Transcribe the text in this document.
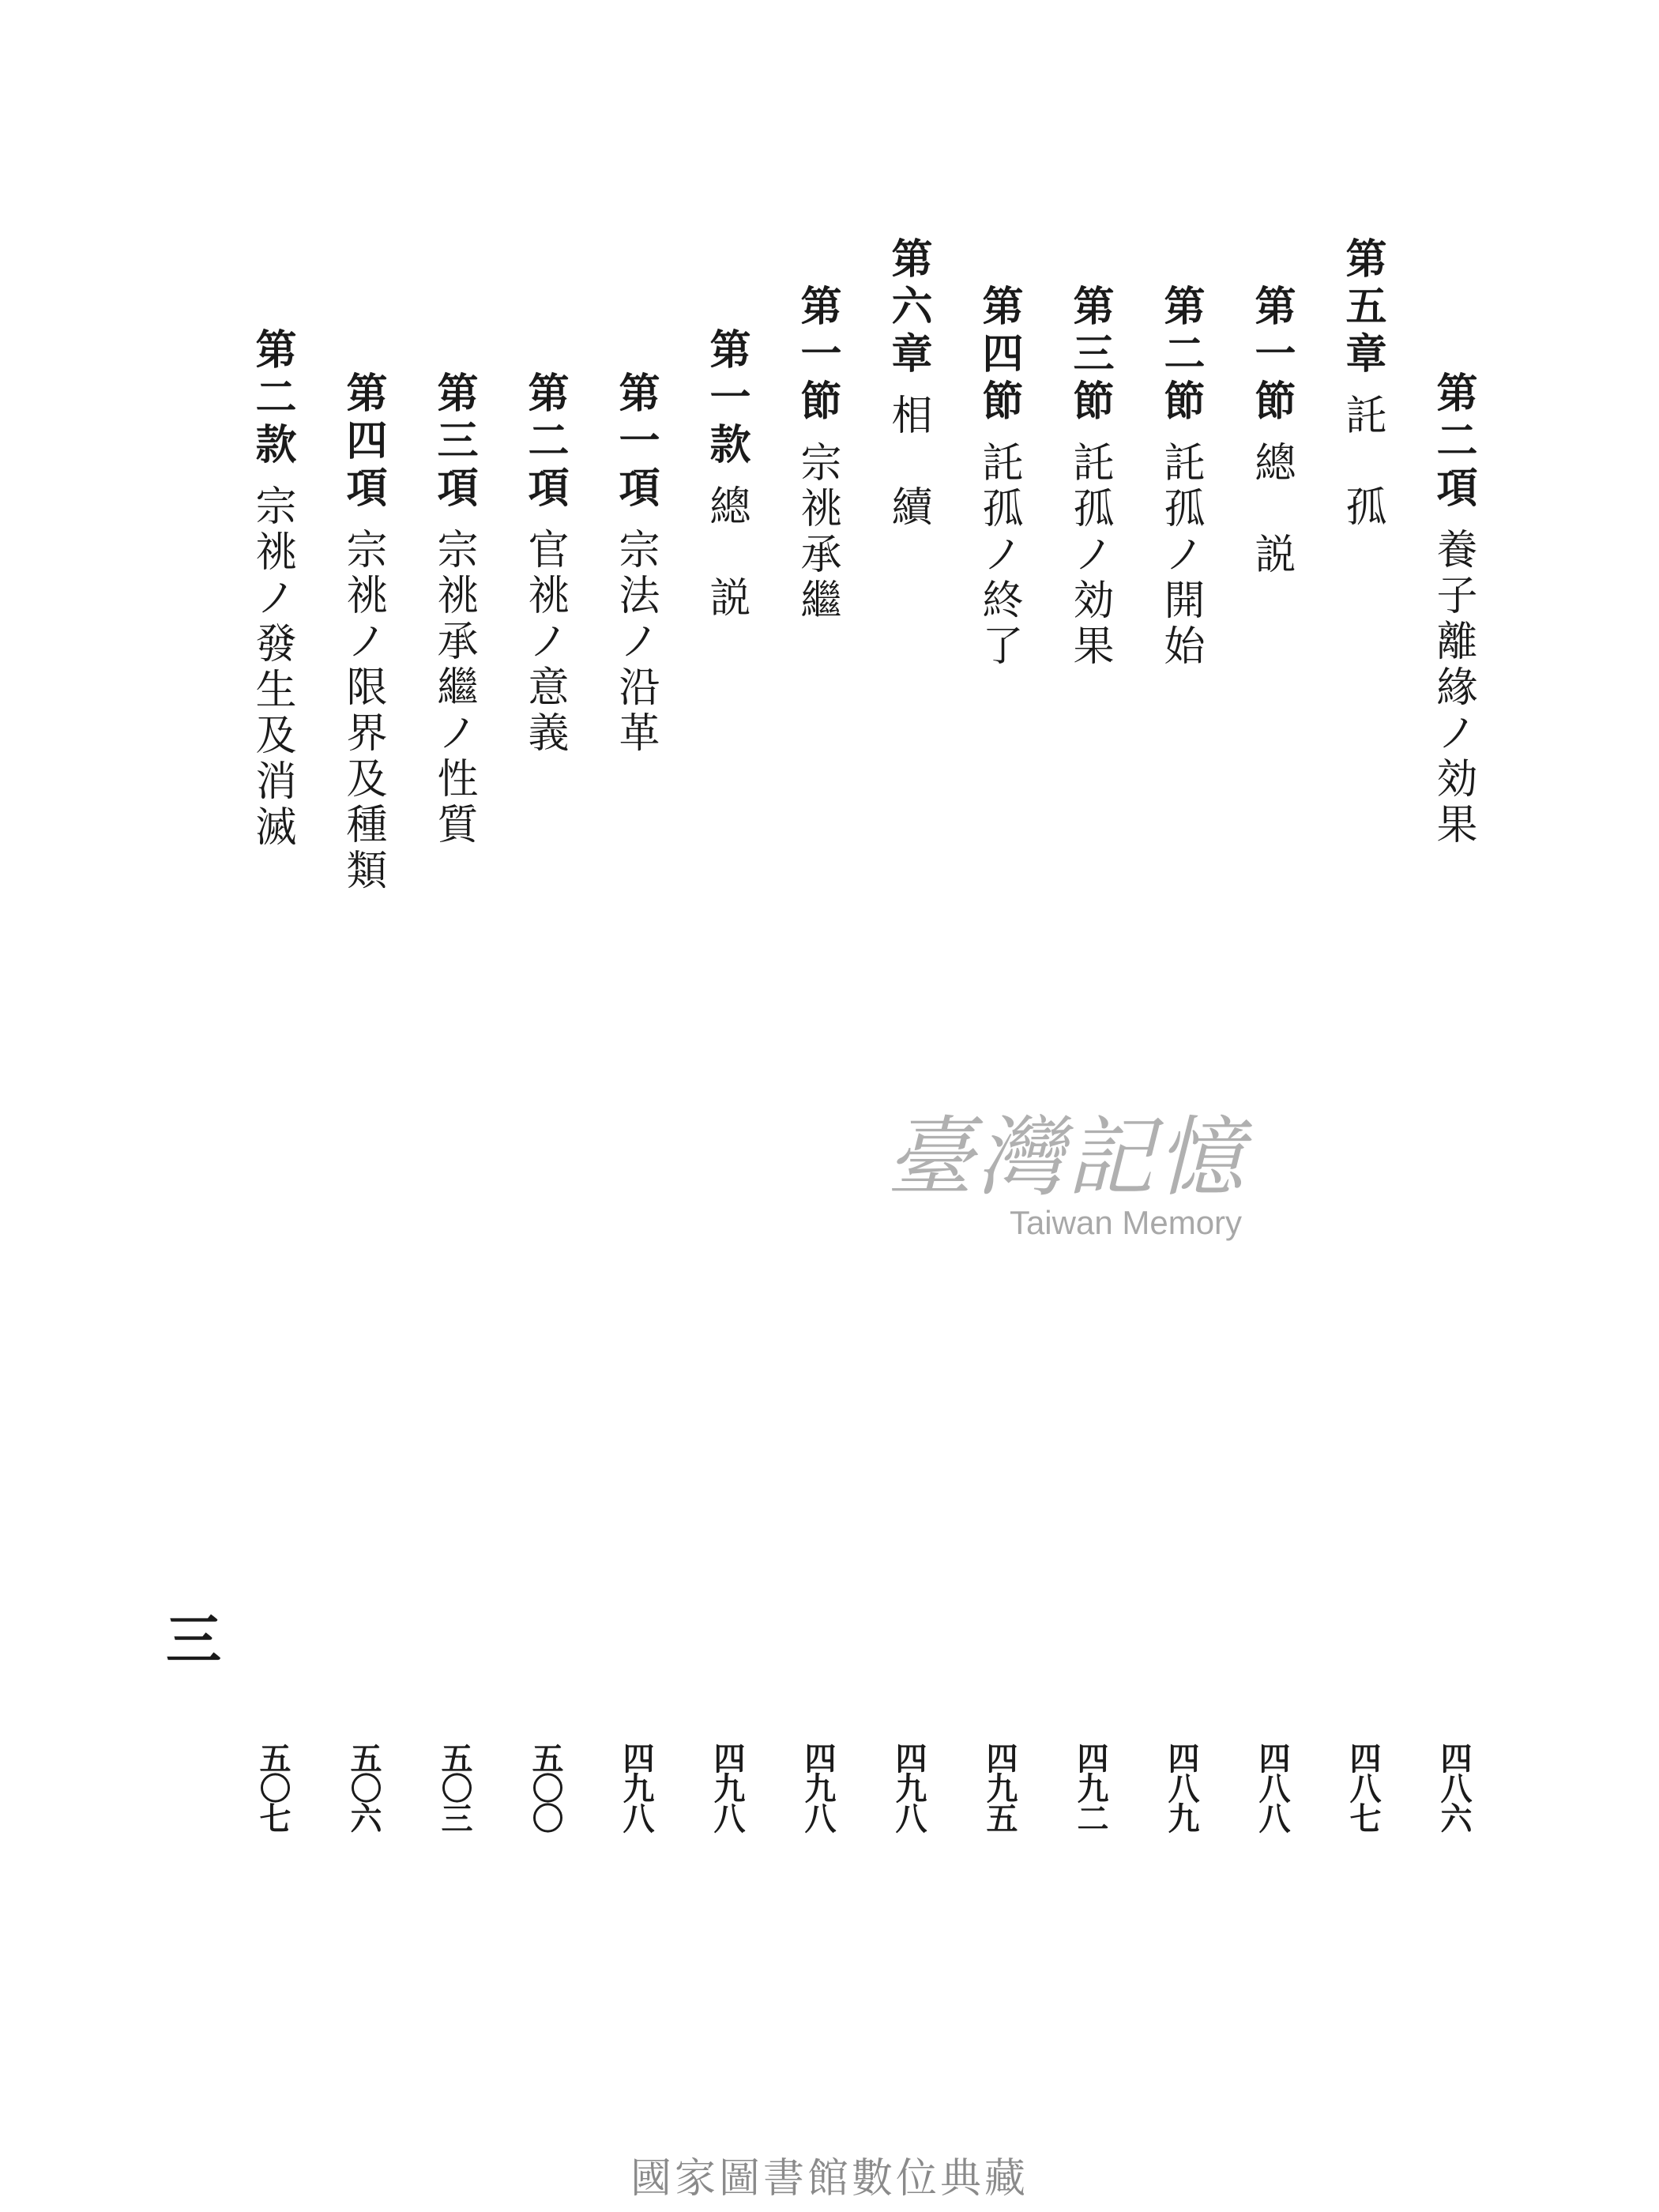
第二項養子離緣ノ効果
第五章託　孤
第一節總　説
第二節託孤ノ開始
第三節託孤ノ効果
第四節託孤ノ終了
第六章相　續
第一節宗祧承繼
第一款總　説
第一項宗法ノ沿革
第二項官祧ノ意義
第三項宗祧承繼ノ性質
第四項宗祧ノ限界及種類
第二款宗祧ノ發生及消滅
四八六
四八七
四八八
四八九
四九二
四九五
四九八
四九八
四九八
四九八
五〇〇
五〇三
五〇六
五〇七
三
臺灣記憶
Taiwan Memory
國家圖書館數位典藏
